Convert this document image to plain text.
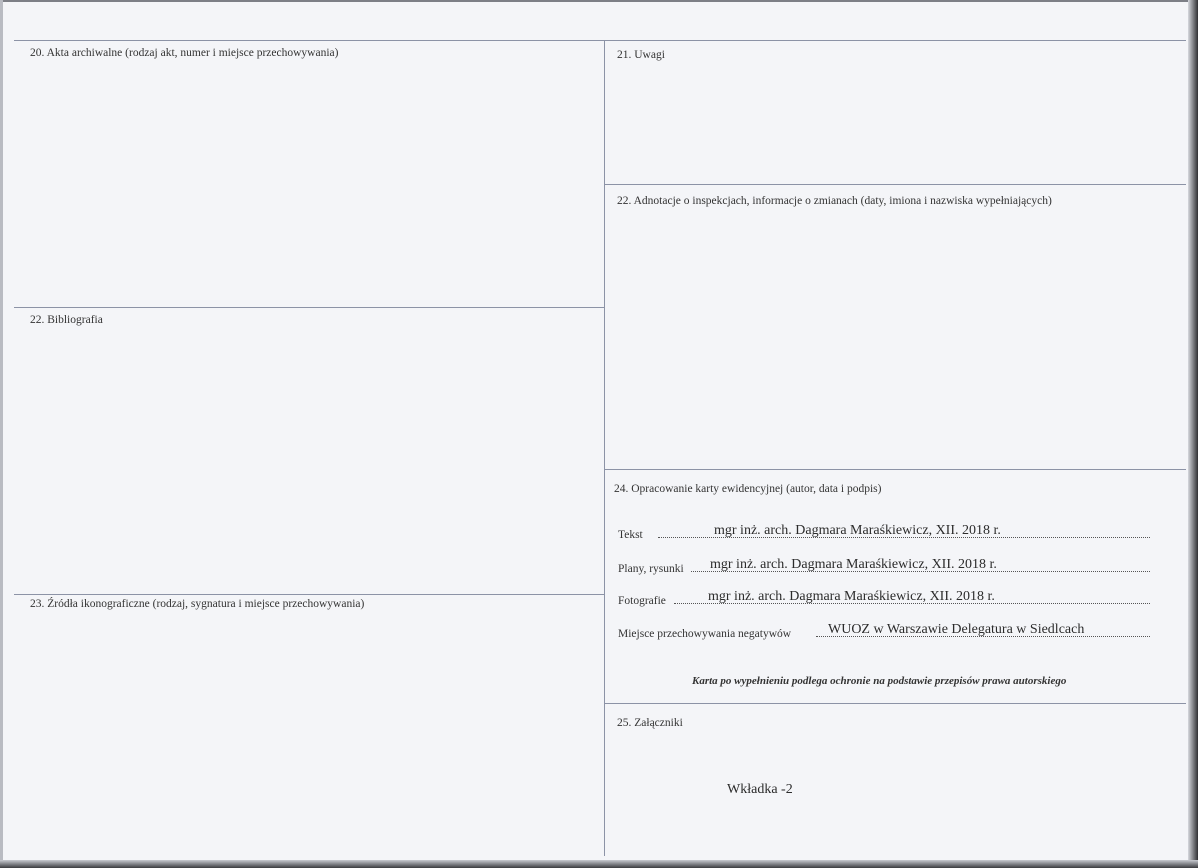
20. Akta archiwalne (rodzaj akt, numer i miejsce przechowywania)
22. Bibliografia
23. Źródła ikonograficzne (rodzaj, sygnatura i miejsce przechowywania)
21. Uwagi
22. Adnotacje o inspekcjach, informacje o zmianach (daty, imiona i nazwiska wypełniających)
24. Opracowanie karty ewidencyjnej (autor, data i podpis)
Tekst	mgr inż. arch. Dagmara Maraśkiewicz, XII. 2018 r.
Plany, rysunki mgr inż. arch. Dagmara Maraśkiewicz, XII. 2018 r.
Fotografie	mgr inż. arch. Dagmara Maraśkiewicz, XII. 2018 r.
Miejsce przechowywania negatywów	WUOZ w Warszawie Delegatura w Siedlcach
Karta po wypełnieniu podlega ochronie na podstawie przepisów prawa autorskiego
25. Załączniki
Wkładka -2
